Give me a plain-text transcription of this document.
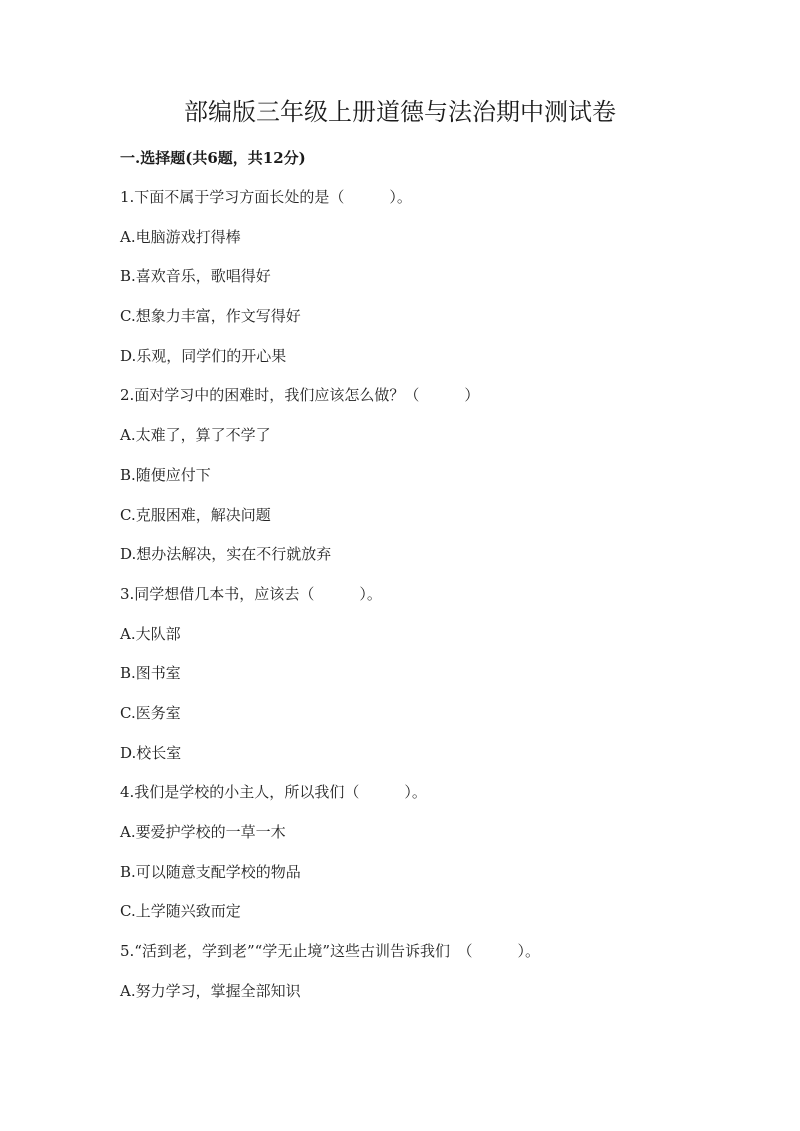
部编版三年级上册道德与法治期中测试卷
一.选择题(共6题，共12分)
1.下面不属于学习方面长处的是（　　　）。
A.电脑游戏打得棒
B.喜欢音乐，歌唱得好
C.想象力丰富，作文写得好
D.乐观，同学们的开心果
2.面对学习中的困难时，我们应该怎么做？（　　　）
A.太难了，算了不学了
B.随便应付下
C.克服困难，解决问题
D.想办法解决，实在不行就放弃
3.同学想借几本书，应该去（　　　）。
A.大队部
B.图书室
C.医务室
D.校长室
4.我们是学校的小主人，所以我们（　　　）。
A.要爱护学校的一草一木
B.可以随意支配学校的物品
C.上学随兴致而定
5.“活到老，学到老”“学无止境”这些古训告诉我们　（　　　）。
A.努力学习，掌握全部知识
